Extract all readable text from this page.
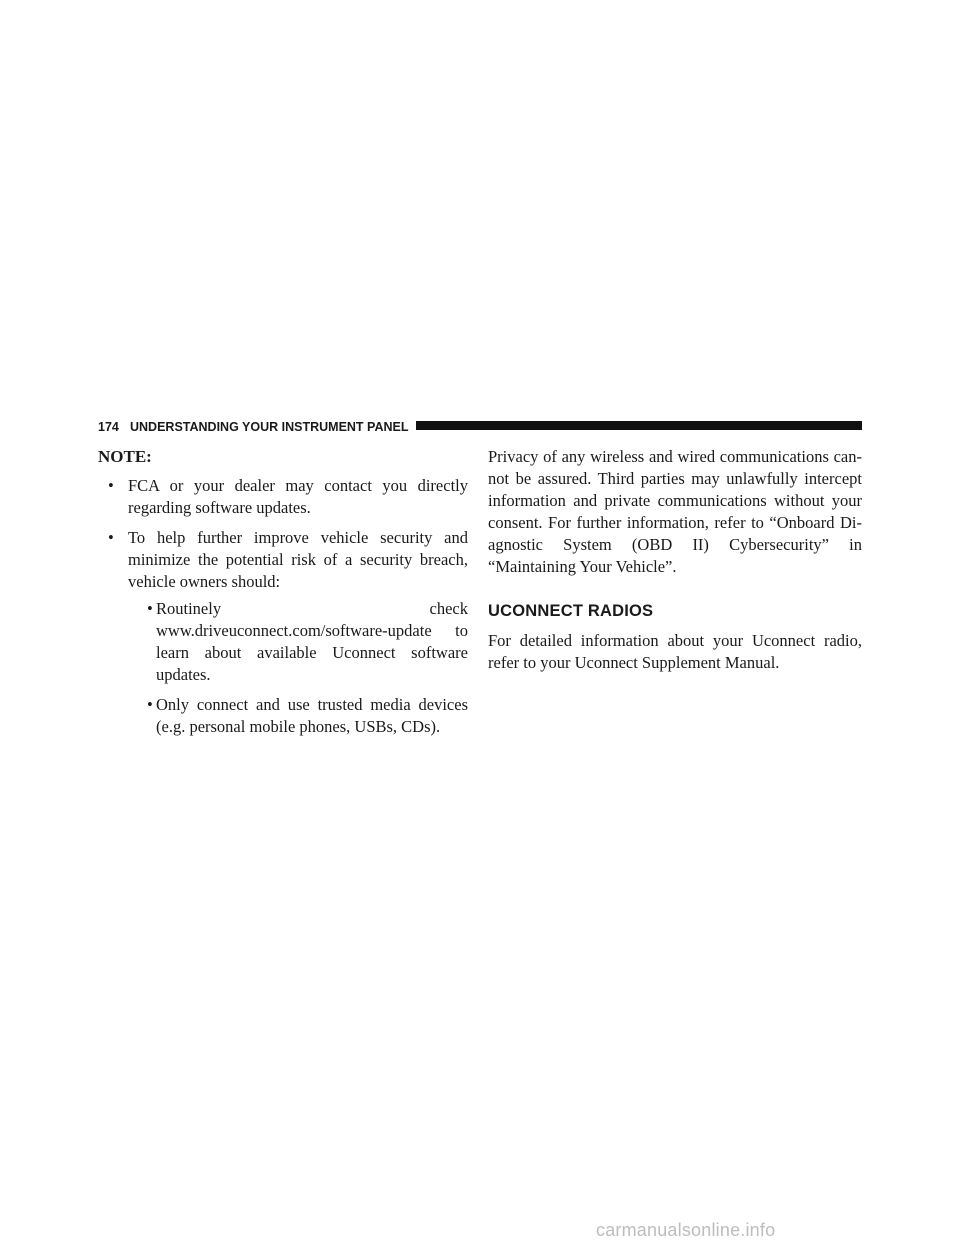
174 UNDERSTANDING YOUR INSTRUMENT PANEL
NOTE:
• FCA or your dealer may contact you directly regarding software updates.
• To help further improve vehicle security and minimize the potential risk of a security breach, vehicle owners should:
• Routinely check www.driveuconnect.com/software-update to learn about available Uconnect software updates.
• Only connect and use trusted media devices (e.g. personal mobile phones, USBs, CDs).

Privacy of any wireless and wired communications can-not be assured. Third parties may unlawfully intercept information and private communications without your consent. For further information, refer to “Onboard Di-agnostic System (OBD II) Cybersecurity” in “Maintaining Your Vehicle”.

UCONNECT RADIOS

For detailed information about your Uconnect radio, refer to your Uconnect Supplement Manual.

carmanualsonline.info
